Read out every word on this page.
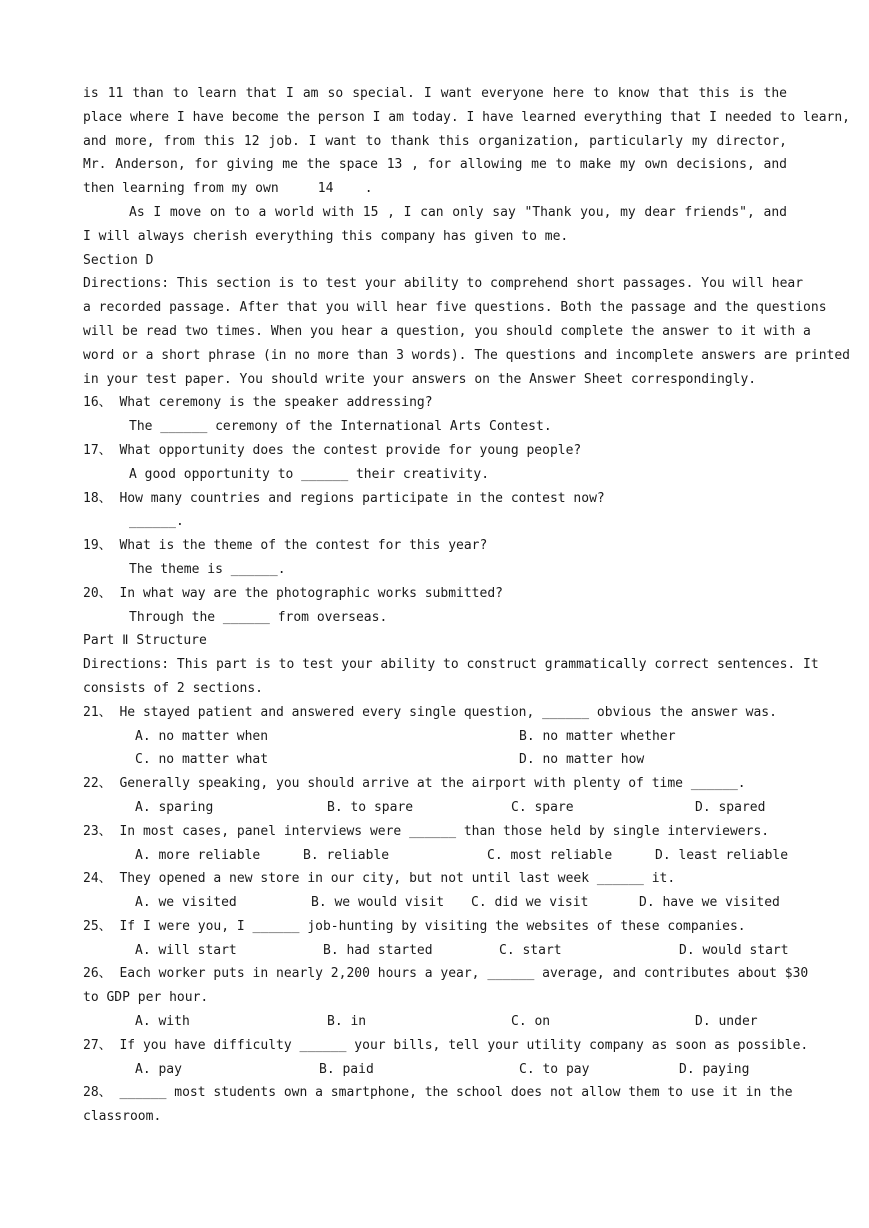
is 11 than to learn that I am so special. I want everyone here to know that this is the
place where I have become the person I am today. I have learned everything that I needed to learn,
and more, from this 12 job. I want to thank this organization, particularly my director,
Mr. Anderson, for giving me the space 13 , for allowing me to make my own decisions, and
then learning from my own     14    .
As I move on to a world with 15 , I can only say "Thank you, my dear friends", and
I will always cherish everything this company has given to me.
Section D
Directions: This section is to test your ability to comprehend short passages. You will hear
a recorded passage. After that you will hear five questions. Both the passage and the questions
will be read two times. When you hear a question, you should complete the answer to it with a
word or a short phrase (in no more than 3 words). The questions and incomplete answers are printed
in your test paper. You should write your answers on the Answer Sheet correspondingly.
16、 What ceremony is the speaker addressing?
The ______ ceremony of the International Arts Contest.
17、 What opportunity does the contest provide for young people?
A good opportunity to ______ their creativity.
18、 How many countries and regions participate in the contest now?
______.
19、 What is the theme of the contest for this year?
The theme is ______.
20、 In what way are the photographic works submitted?
Through the ______ from overseas.
Part Ⅱ Structure
Directions: This part is to test your ability to construct grammatically correct sentences. It
consists of 2 sections.
21、 He stayed patient and answered every single question, ______ obvious the answer was.
A. no matter when	B. no matter whether
C. no matter what	D. no matter how
22、 Generally speaking, you should arrive at the airport with plenty of time ______.
A. sparing	B. to spare	C. spare	D. spared
23、 In most cases, panel interviews were ______ than those held by single interviewers.
A. more reliable	B. reliable	C. most reliable	D. least reliable
24、 They opened a new store in our city, but not until last week ______ it.
A. we visited	B. we would visit C. did we visit	D. have we visited
25、 If I were you, I ______ job-hunting by visiting the websites of these companies.
A. will start	B. had started	C. start	D. would start
26、 Each worker puts in nearly 2,200 hours a year, ______ average, and contributes about $30
to GDP per hour.
A. with	B. in	C. on	D. under
27、 If you have difficulty ______ your bills, tell your utility company as soon as possible.
A. pay	B. paid	C. to pay	D. paying
28、 ______ most students own a smartphone, the school does not allow them to use it in the
classroom.
